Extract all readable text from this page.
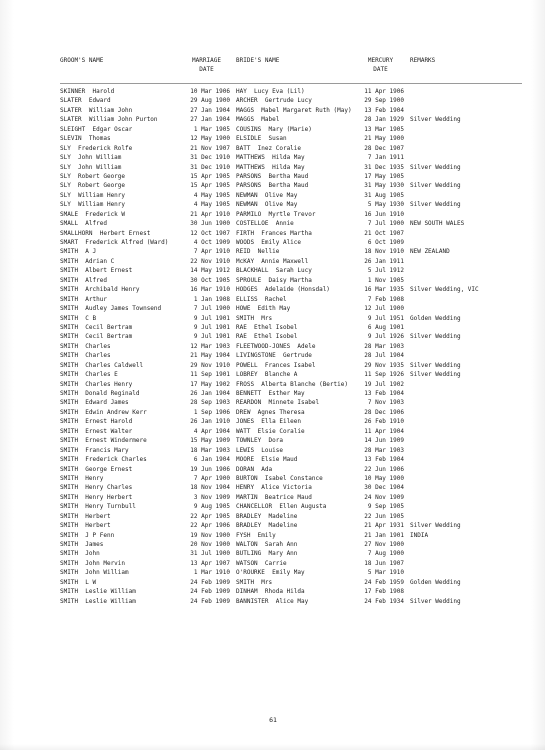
GROOM'S NAME	MARRIAGE
DATE
BRIDE'S NAME	MERCURY
DATE
REMARKS
SKINNER  Harold	10 Mar 1906 HAY  Lucy Eva (Lil)	11 Apr 1906
SLATER  Edward	29 Aug 1900 ARCHER  Gertrude Lucy	29 Sep 1900
SLATER  William John	27 Jan 1904 MAGGS  Mabel Margaret Ruth (May)	13 Feb 1904
SLATER  William John Purton	27 Jan 1904 MAGGS  Mabel	28 Jan 1929 Silver Wedding
SLEIGHT  Edgar Oscar	1 Mar 1905 COUSINS  Mary (Marie)	13 Mar 1905
SLEVIN  Thomas	12 May 1900 ELSIDLE  Susan	21 May 1900
SLY  Frederick Rolfe	21 Nov 1907 BATT  Inez Coralie	28 Dec 1907
SLY  John William	31 Dec 1910 MATTHEWS  Hilda May	7 Jan 1911
SLY  John William	31 Dec 1910 MATTHEWS  Hilda May	31 Dec 1935 Silver Wedding
SLY  Robert George	15 Apr 1905 PARSONS  Bertha Maud	17 May 1905
SLY  Robert George	15 Apr 1905 PARSONS  Bertha Maud	31 May 1930 Silver Wedding
SLY  William Henry	4 May 1905 NEWMAN  Olive May	31 Aug 1905
SLY  William Henry	4 May 1905 NEWMAN  Olive May	5 May 1930 Silver Wedding
SMALE  Frederick W	21 Apr 1910 PARMILO  Myrtle Trevor	16 Jun 1910
SMALL  Alfred	30 Jun 1900 COSTELLOE  Annie	7 Jul 1900 NEW SOUTH WALES
SMALLHORN  Herbert Ernest	12 Oct 1907 FIRTH  Frances Martha	21 Oct 1907
SMART  Frederick Alfred (Ward)	4 Oct 1909 WOODS  Emily Alice	6 Oct 1909
SMITH  A J	7 Apr 1910 REID  Nellie	18 Nov 1910 NEW ZEALAND
SMITH  Adrian C	22 Nov 1910 McKAY  Annie Maxwell	26 Jan 1911
SMITH  Albert Ernest	14 May 1912 BLACKHALL  Sarah Lucy	5 Jul 1912
SMITH  Alfred	30 Oct 1905 SPROULE  Daisy Martha	1 Nov 1905
SMITH  Archibald Henry	16 Mar 1910 HODGES  Adelaide (Honsdal)	16 Mar 1935 Silver Wedding, VIC
SMITH  Arthur	1 Jan 1908 ELLISS  Rachel	7 Feb 1908
SMITH  Audley James Townsend	7 Jul 1900 HOWE  Edith May	12 Jul 1900
SMITH  C B	9 Jul 1901 SMITH  Mrs	9 Jul 1951 Golden Wedding
SMITH  Cecil Bertram	9 Jul 1901 RAE  Ethel Isobel	6 Aug 1901
SMITH  Cecil Bertram	9 Jul 1901 RAE  Ethel Isobel	9 Jul 1926 Silver Wedding
SMITH  Charles	12 Mar 1903 FLEETWOOD-JONES  Adele	28 Mar 1903
SMITH  Charles	21 May 1904 LIVINGSTONE  Gertrude	28 Jul 1904
SMITH  Charles Caldwell	29 Nov 1910 POWELL  Frances Isabel	29 Nov 1935 Silver Wedding
SMITH  Charles E	11 Sep 1901 LOBREY  Blanche A	11 Sep 1926 Silver Wedding
SMITH  Charles Henry	17 May 1902 FROSS  Alberta Blanche (Bertie)	19 Jul 1902
SMITH  Donald Reginald	26 Jan 1904 BENNETT  Esther May	13 Feb 1904
SMITH  Edward James	28 Sep 1903 REARDON  Minnete Isabel	7 Nov 1903
SMITH  Edwin Andrew Kerr	1 Sep 1906 DREW  Agnes Theresa	28 Dec 1906
SMITH  Ernest Harold	26 Jan 1910 JONES  Ella Eileen	26 Feb 1910
SMITH  Ernest Walter	4 Apr 1904 WATT  Elsie Coralie	11 Apr 1904
SMITH  Ernest Windermere	15 May 1909 TOWNLEY  Dora	14 Jun 1909
SMITH  Francis Mary	18 Mar 1903 LEWIS  Louise	28 Mar 1903
SMITH  Frederick Charles	6 Jan 1904 MOORE  Elsie Maud	13 Feb 1904
SMITH  George Ernest	19 Jun 1906 DORAN  Ada	22 Jun 1906
SMITH  Henry	7 Apr 1900 BURTON  Isabel Constance	10 May 1900
SMITH  Henry Charles	18 Nov 1904 HENRY  Alice Victoria	30 Dec 1904
SMITH  Henry Herbert	3 Nov 1909 MARTIN  Beatrice Maud	24 Nov 1909
SMITH  Henry Turnbull	9 Aug 1905 CHANCELLOR  Ellen Augusta	9 Sep 1905
SMITH  Herbert	22 Apr 1905 BRADLEY  Madeline	22 Jun 1905
SMITH  Herbert	22 Apr 1906 BRADLEY  Madeline	21 Apr 1931 Silver Wedding
SMITH  J P Fenn	19 Nov 1900 FYSH  Emily	21 Jan 1901 INDIA
SMITH  James	20 Nov 1900 WALTON  Sarah Ann	27 Nov 1900
SMITH  John	31 Jul 1900 BUTLING  Mary Ann	7 Aug 1900
SMITH  John Mervin	13 Apr 1907 WATSON  Carrie	18 Jun 1907
SMITH  John William	1 Mar 1910 O'ROURKE  Emily May	5 Mar 1910
SMITH  L W	24 Feb 1909 SMITH  Mrs	24 Feb 1959 Golden Wedding
SMITH  Leslie William	24 Feb 1909 DINHAM  Rhoda Hilda	17 Feb 1908
SMITH  Leslie William	24 Feb 1909 BANNISTER  Alice May	24 Feb 1934 Silver Wedding
61
